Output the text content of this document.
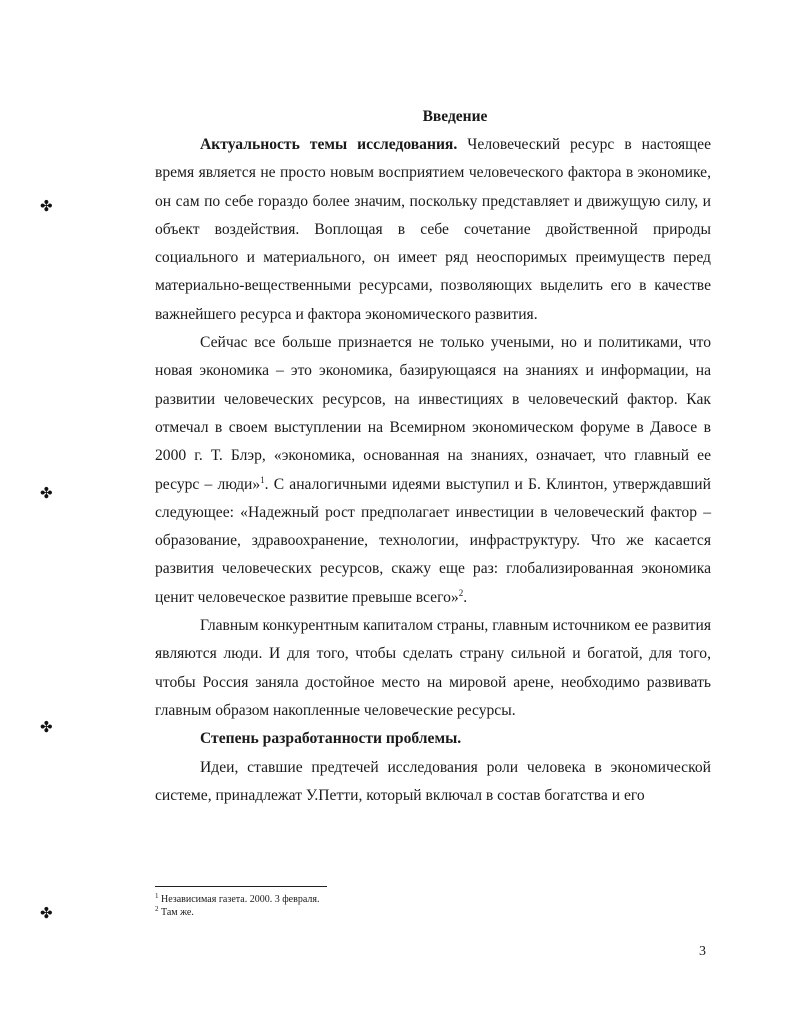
✤
✤
✤
✤
Введение

Актуальность темы исследования. Человеческий ресурс в настоящее время является не просто новым восприятием человеческого фактора в экономике, он сам по себе гораздо более значим, поскольку представляет и движущую силу, и объект воздействия. Воплощая в себе сочетание двойственной природы социального и материального, он имеет ряд неоспоримых преимуществ перед материально-вещественными ресурсами, позволяющих выделить его в качестве важнейшего ресурса и фактора экономического развития.

Сейчас все больше признается не только учеными, но и политиками, что новая экономика – это экономика, базирующаяся на знаниях и информации, на развитии человеческих ресурсов, на инвестициях в человеческий фактор. Как отмечал в своем выступлении на Всемирном экономическом форуме в Давосе в 2000 г. Т. Блэр, «экономика, основанная на знаниях, означает, что главный ее ресурс – люди»$^1$. С аналогичными идеями выступил и Б. Клинтон, утверждавший следующее: «Надежный рост предполагает инвестиции в человеческий фактор – образование, здравоохранение, технологии, инфраструктуру. Что же касается развития человеческих ресурсов, скажу еще раз: глобализированная экономика ценит человеческое развитие превыше всего»$^2$.

Главным конкурентным капиталом страны, главным источником ее развития являются люди. И для того, чтобы сделать страну сильной и богатой, для того, чтобы Россия заняла достойное место на мировой арене, необходимо развивать главным образом накопленные человеческие ресурсы.

Степень разработанности проблемы.

Идеи, ставшие предтечей исследования роли человека в экономической системе, принадлежат У.Петти, который включал в состав богатства и его

$^1$ Независимая газета. 2000. 3 февраля.
$^2$ Там же.
3
